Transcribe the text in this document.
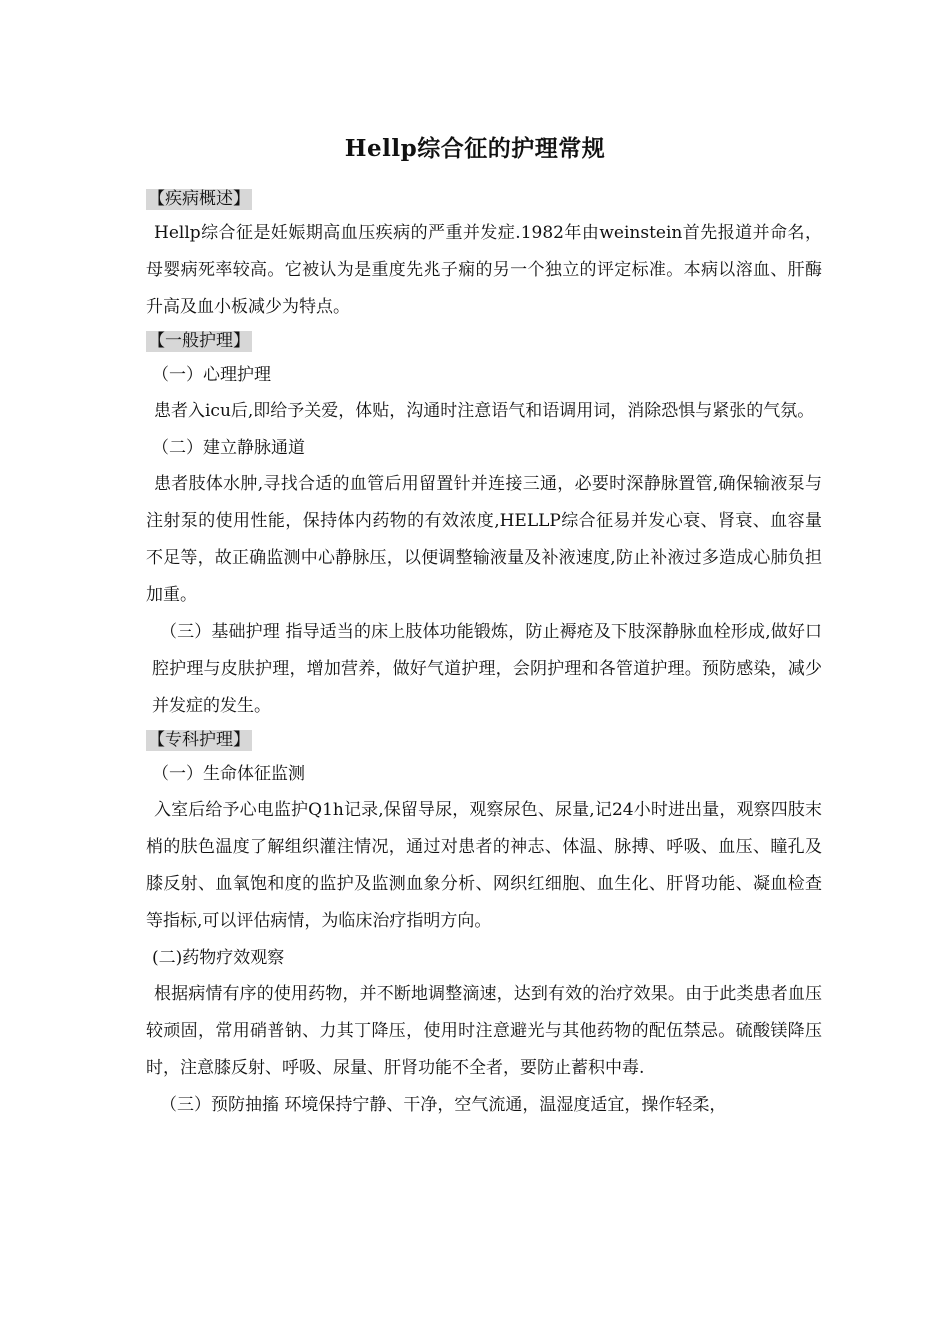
Hellp综合征的护理常规
【疾病概述】
Hellp综合征是妊娠期高血压疾病的严重并发症.1982年由weinstein首先报道并命名，母婴病死率较高。它被认为是重度先兆子痫的另一个独立的评定标准。本病以溶血、肝酶升高及血小板减少为特点。
【一般护理】
（一）心理护理
患者入icu后,即给予关爱，体贴，沟通时注意语气和语调用词，消除恐惧与紧张的气氛。
（二）建立静脉通道
患者肢体水肿,寻找合适的血管后用留置针并连接三通，必要时深静脉置管,确保输液泵与注射泵的使用性能，保持体内药物的有效浓度,HELLP综合征易并发心衰、肾衰、血容量不足等，故正确监测中心静脉压，以便调整输液量及补液速度,防止补液过多造成心肺负担加重。
（三）基础护理 指导适当的床上肢体功能锻炼，防止褥疮及下肢深静脉血栓形成,做好口腔护理与皮肤护理，增加营养，做好气道护理，会阴护理和各管道护理。预防感染，减少并发症的发生。
【专科护理】
（一）生命体征监测
入室后给予心电监护Q1h记录,保留导尿，观察尿色、尿量,记24小时进出量，观察四肢末梢的肤色温度了解组织灌注情况，通过对患者的神志、体温、脉搏、呼吸、血压、瞳孔及膝反射、血氧饱和度的监护及监测血象分析、网织红细胞、血生化、肝肾功能、凝血检查等指标,可以评估病情，为临床治疗指明方向。
(二)药物疗效观察
根据病情有序的使用药物，并不断地调整滴速，达到有效的治疗效果。由于此类患者血压较顽固，常用硝普钠、力其丁降压，使用时注意避光与其他药物的配伍禁忌。硫酸镁降压时，注意膝反射、呼吸、尿量、肝肾功能不全者，要防止蓄积中毒.
（三）预防抽搐 环境保持宁静、干净，空气流通，温湿度适宜，操作轻柔，
